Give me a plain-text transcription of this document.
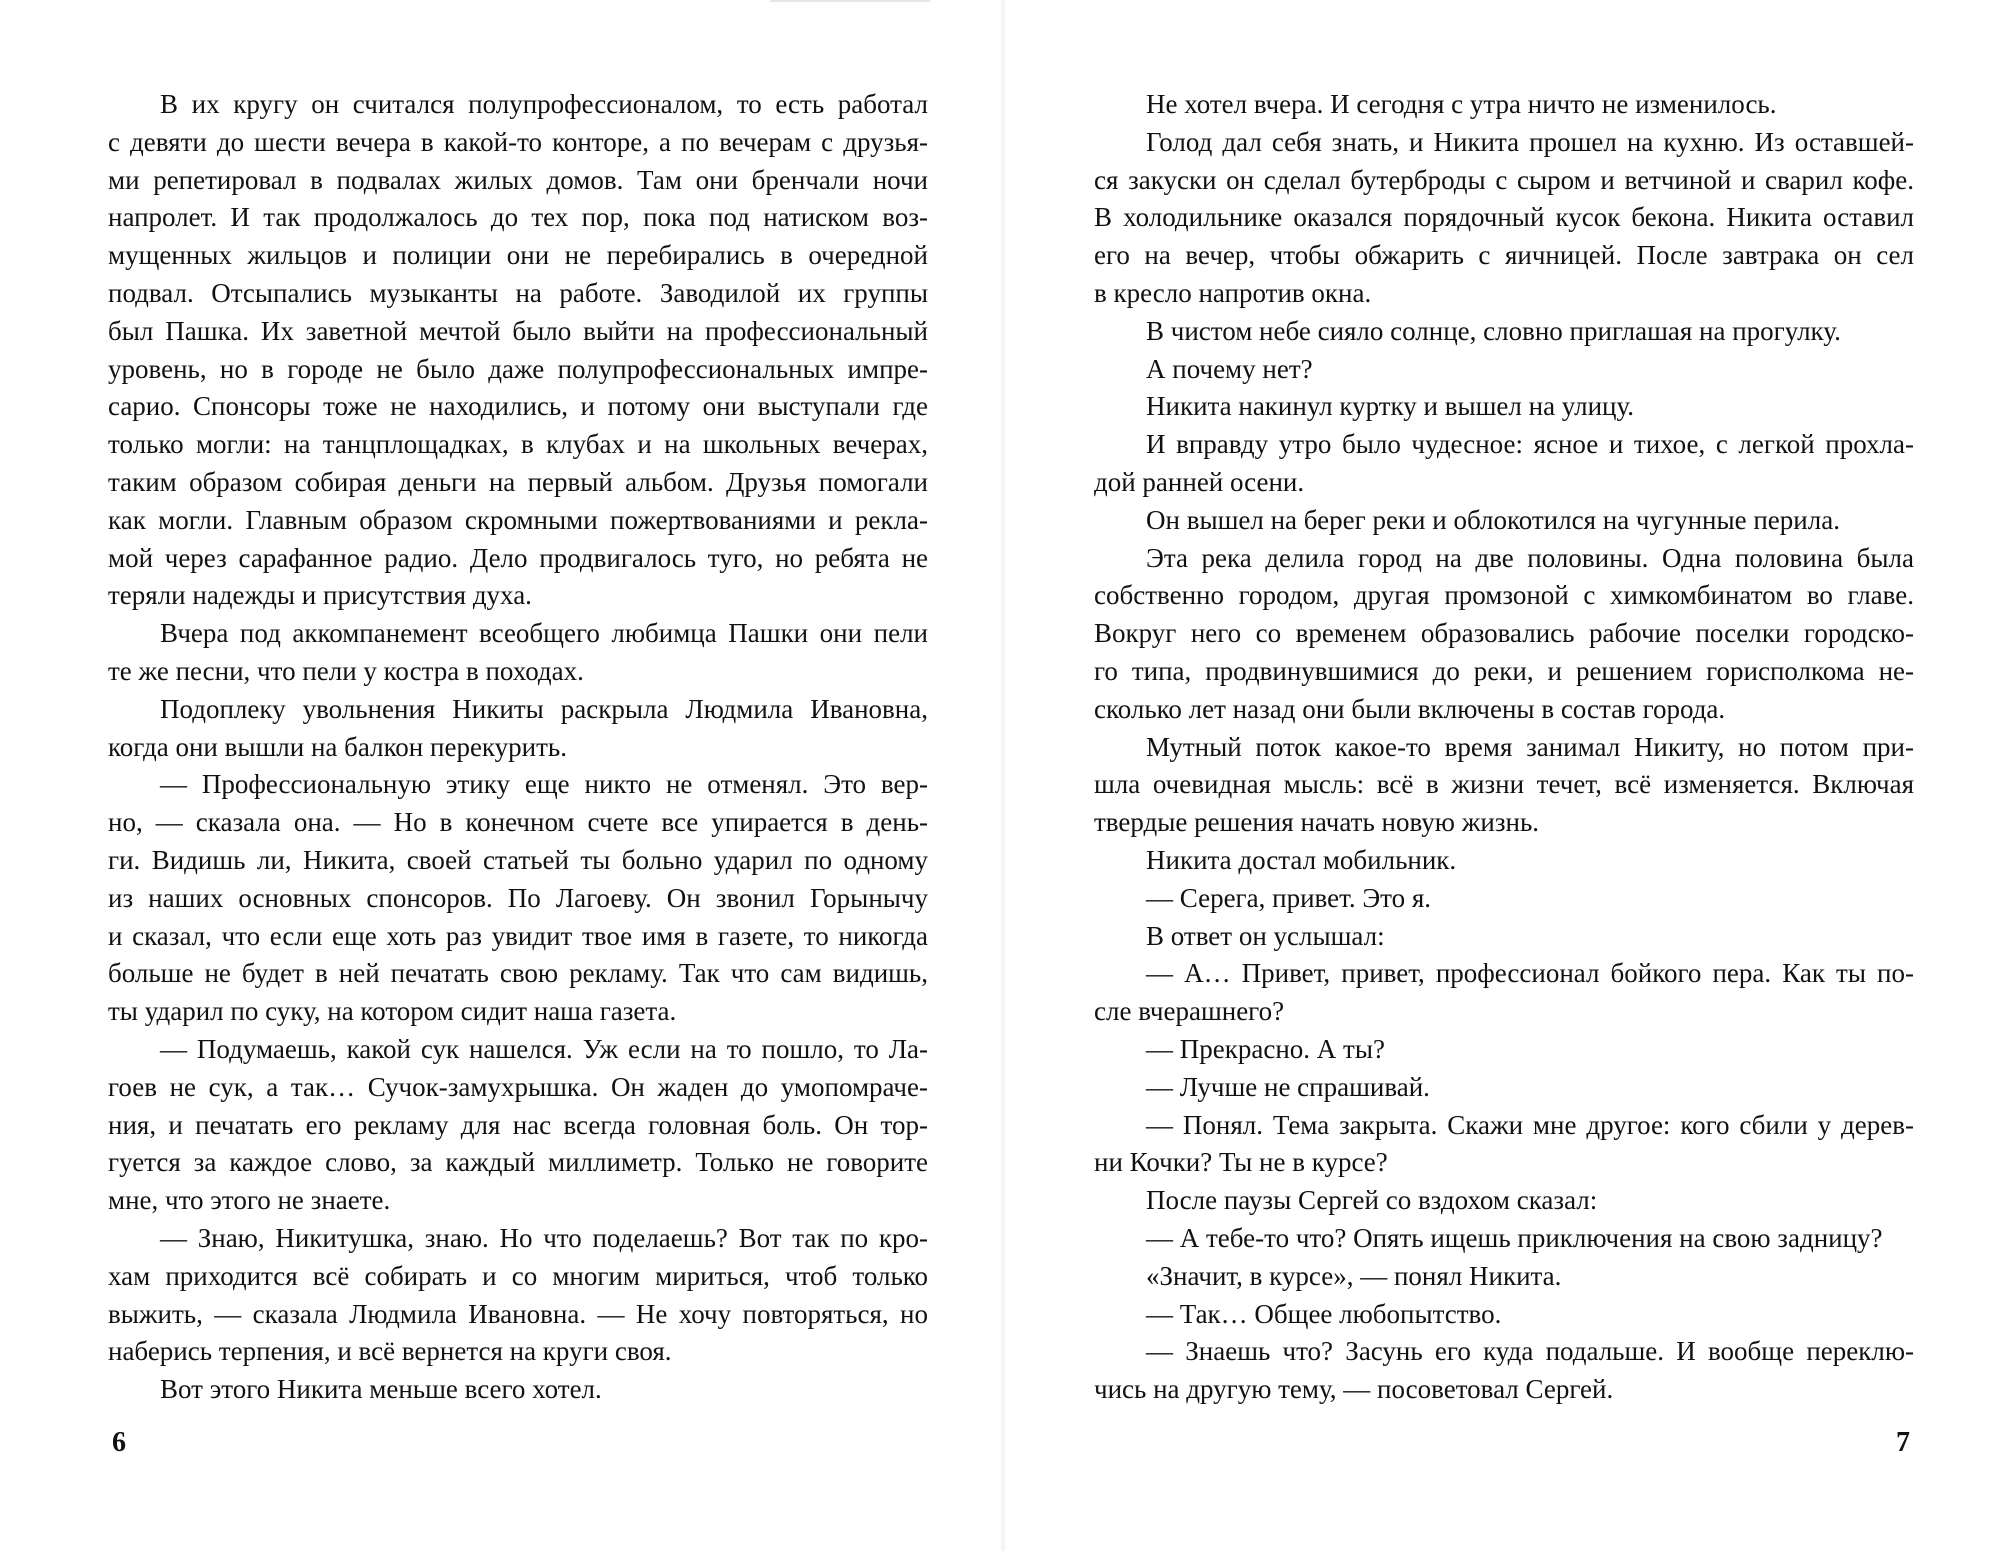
В их кругу он считался полупрофессионалом, то есть работал
с девяти до шести вечера в какой-то конторе, а по вечерам с друзья-
ми репетировал в подвалах жилых домов. Там они бренчали ночи
напролет. И так продолжалось до тех пор, пока под натиском воз-
мущенных жильцов и полиции они не перебирались в очередной
подвал. Отсыпались музыканты на работе. Заводилой их группы
был Пашка. Их заветной мечтой было выйти на профессиональный
уровень, но в городе не было даже полупрофессиональных импре-
сарио. Спонсоры тоже не находились, и потому они выступали где
только могли: на танцплощадках, в клубах и на школьных вечерах,
таким образом собирая деньги на первый альбом. Друзья помогали
как могли. Главным образом скромными пожертвованиями и рекла-
мой через сарафанное радио. Дело продвигалось туго, но ребята не
теряли надежды и присутствия духа.
Вчера под аккомпанемент всеобщего любимца Пашки они пели
те же песни, что пели у костра в походах.
Подоплеку увольнения Никиты раскрыла Людмила Ивановна,
когда они вышли на балкон перекурить.
— Профессиональную этику еще никто не отменял. Это вер-
но, — сказала она. — Но в конечном счете все упирается в день-
ги. Видишь ли, Никита, своей статьей ты больно ударил по одному
из наших основных спонсоров. По Лагоеву. Он звонил Горынычу
и сказал, что если еще хоть раз увидит твое имя в газете, то никогда
больше не будет в ней печатать свою рекламу. Так что сам видишь,
ты ударил по суку, на котором сидит наша газета.
— Подумаешь, какой сук нашелся. Уж если на то пошло, то Ла-
гоев не сук, а так… Сучок-замухрышка. Он жаден до умопомраче-
ния, и печатать его рекламу для нас всегда головная боль. Он тор-
гуется за каждое слово, за каждый миллиметр. Только не говорите
мне, что этого не знаете.
— Знаю, Никитушка, знаю. Но что поделаешь? Вот так по кро-
хам приходится всё собирать и со многим мириться, чтоб только
выжить, — сказала Людмила Ивановна. — Не хочу повторяться, но
наберись терпения, и всё вернется на круги своя.
Вот этого Никита меньше всего хотел.
6
Не хотел вчера. И сегодня с утра ничто не изменилось.
Голод дал себя знать, и Никита прошел на кухню. Из оставшей-
ся закуски он сделал бутерброды с сыром и ветчиной и сварил кофе.
В холодильнике оказался порядочный кусок бекона. Никита оставил
его на вечер, чтобы обжарить с яичницей. После завтрака он сел
в кресло напротив окна.
В чистом небе сияло солнце, словно приглашая на прогулку.
А почему нет?
Никита накинул куртку и вышел на улицу.
И вправду утро было чудесное: ясное и тихое, с легкой прохла-
дой ранней осени.
Он вышел на берег реки и облокотился на чугунные перила.
Эта река делила город на две половины. Одна половина была
собственно городом, другая промзоной с химкомбинатом во главе.
Вокруг него со временем образовались рабочие поселки городско-
го типа, продвинувшимися до реки, и решением горисполкома не-
сколько лет назад они были включены в состав города.
Мутный поток какое-то время занимал Никиту, но потом при-
шла очевидная мысль: всё в жизни течет, всё изменяется. Включая
твердые решения начать новую жизнь.
Никита достал мобильник.
— Серега, привет. Это я.
В ответ он услышал:
— А… Привет, привет, профессионал бойкого пера. Как ты по-
сле вчерашнего?
— Прекрасно. А ты?
— Лучше не спрашивай.
— Понял. Тема закрыта. Скажи мне другое: кого сбили у дерев-
ни Кочки? Ты не в курсе?
После паузы Сергей со вздохом сказал:
— А тебе-то что? Опять ищешь приключения на свою задницу?
«Значит, в курсе», — понял Никита.
— Так… Общее любопытство.
— Знаешь что? Засунь его куда подальше. И вообще переклю-
чись на другую тему, — посоветовал Сергей.
7
